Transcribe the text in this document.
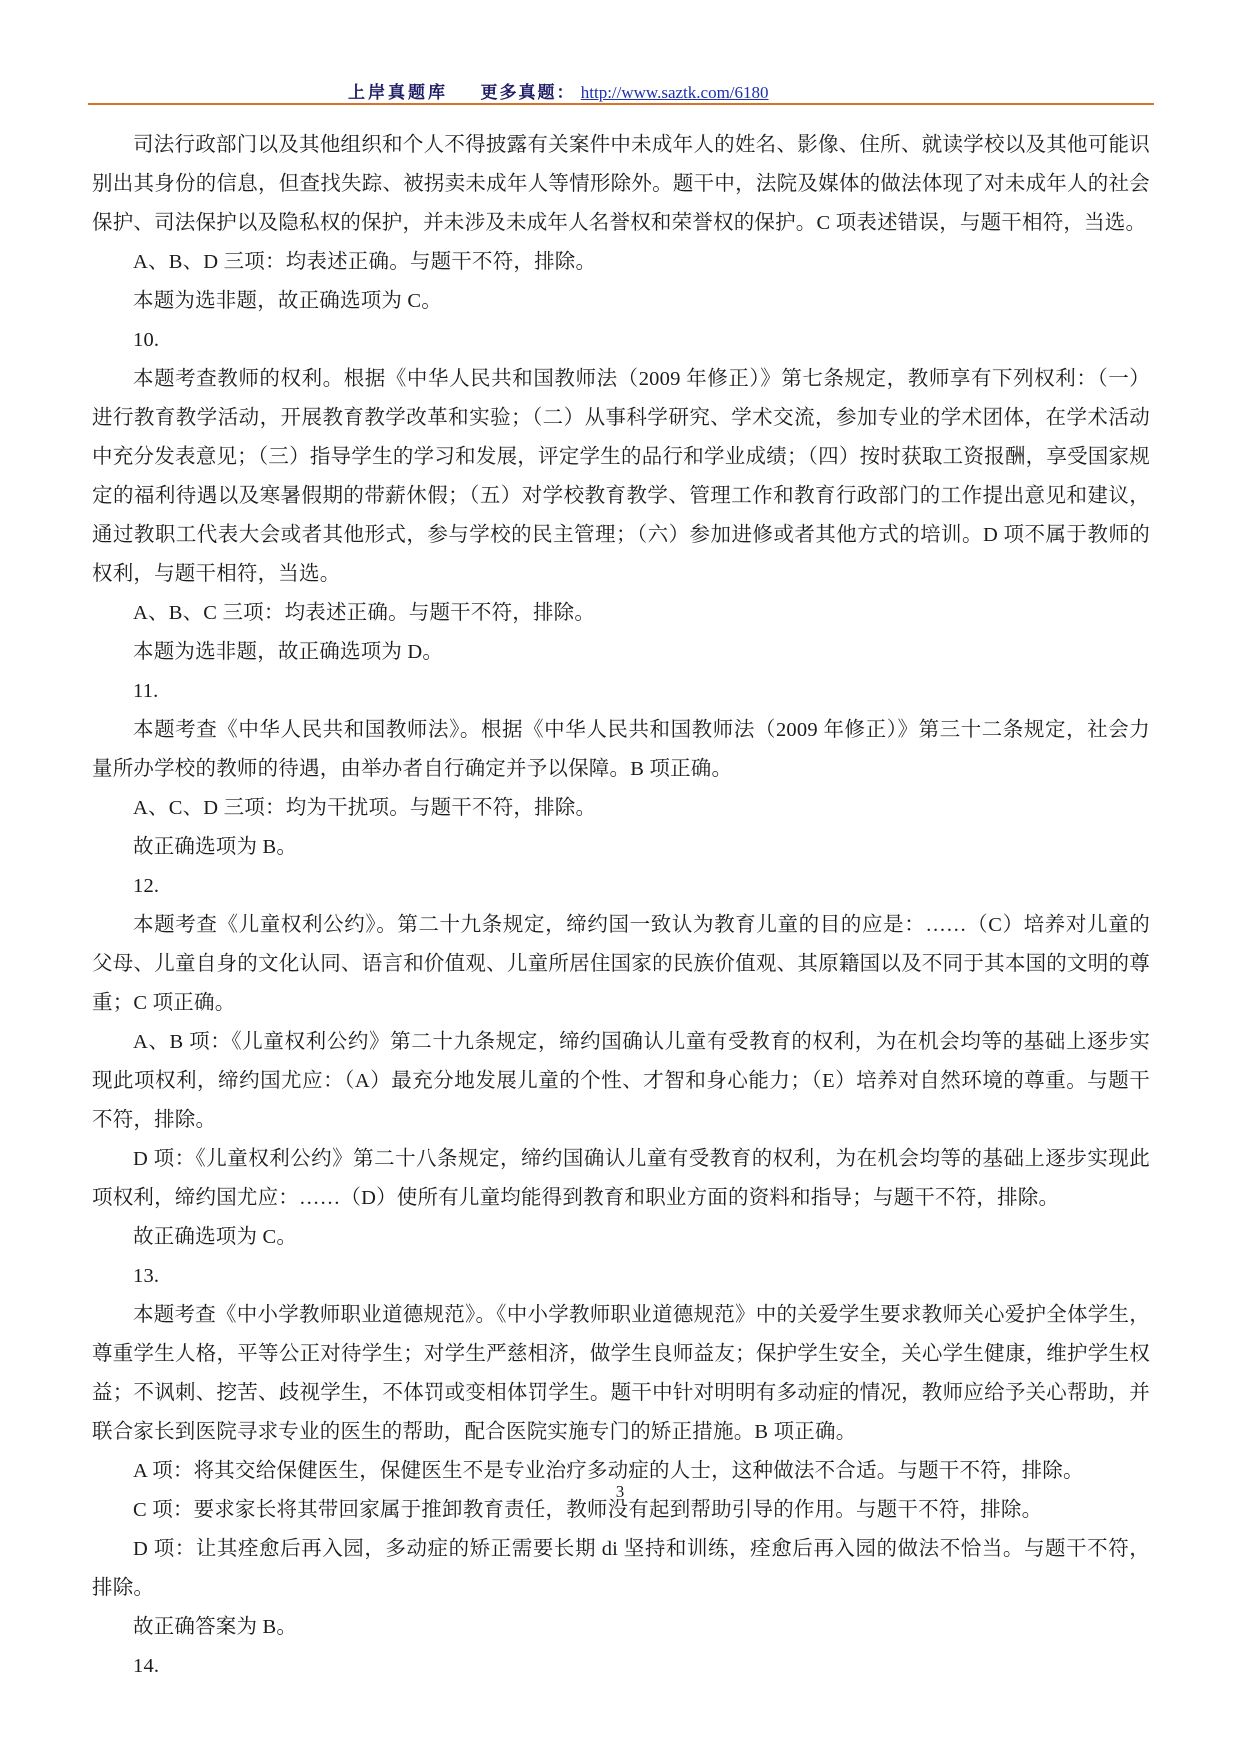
上岸真题库 更多真题： http://www.saztk.com/6180

司法行政部门以及其他组织和个人不得披露有关案件中未成年人的姓名、影像、住所、就读学校以及其他可能识别出其身份的信息，但查找失踪、被拐卖未成年人等情形除外。题干中，法院及媒体的做法体现了对未成年人的社会保护、司法保护以及隐私权的保护，并未涉及未成年人名誉权和荣誉权的保护。C 项表述错误，与题干相符，当选。

A、B、D 三项：均表述正确。与题干不符，排除。

本题为选非题，故正确选项为 C。

10.

本题考查教师的权利。根据《中华人民共和国教师法（2009 年修正）》第七条规定，教师享有下列权利：（一）进行教育教学活动，开展教育教学改革和实验；（二）从事科学研究、学术交流，参加专业的学术团体，在学术活动中充分发表意见；（三）指导学生的学习和发展，评定学生的品行和学业成绩；（四）按时获取工资报酬，享受国家规定的福利待遇以及寒暑假期的带薪休假；（五）对学校教育教学、管理工作和教育行政部门的工作提出意见和建议，通过教职工代表大会或者其他形式，参与学校的民主管理；（六）参加进修或者其他方式的培训。D 项不属于教师的权利，与题干相符，当选。

A、B、C 三项：均表述正确。与题干不符，排除。

本题为选非题，故正确选项为 D。

11.

本题考查《中华人民共和国教师法》。根据《中华人民共和国教师法（2009 年修正）》第三十二条规定，社会力量所办学校的教师的待遇，由举办者自行确定并予以保障。B 项正确。

A、C、D 三项：均为干扰项。与题干不符，排除。

故正确选项为 B。

12.

本题考查《儿童权利公约》。第二十九条规定，缔约国一致认为教育儿童的目的应是：……（C）培养对儿童的父母、儿童自身的文化认同、语言和价值观、儿童所居住国家的民族价值观、其原籍国以及不同于其本国的文明的尊重；C 项正确。

A、B 项：《儿童权利公约》第二十九条规定，缔约国确认儿童有受教育的权利，为在机会均等的基础上逐步实现此项权利，缔约国尤应：（A）最充分地发展儿童的个性、才智和身心能力；（E）培养对自然环境的尊重。与题干不符，排除。

D 项：《儿童权利公约》第二十八条规定，缔约国确认儿童有受教育的权利，为在机会均等的基础上逐步实现此项权利，缔约国尤应：……（D）使所有儿童均能得到教育和职业方面的资料和指导；与题干不符，排除。

故正确选项为 C。

13.

本题考查《中小学教师职业道德规范》。《中小学教师职业道德规范》中的关爱学生要求教师关心爱护全体学生，尊重学生人格，平等公正对待学生；对学生严慈相济，做学生良师益友；保护学生安全，关心学生健康，维护学生权益；不讽刺、挖苦、歧视学生，不体罚或变相体罚学生。题干中针对明明有多动症的情况，教师应给予关心帮助，并联合家长到医院寻求专业的医生的帮助，配合医院实施专门的矫正措施。B 项正确。

A 项：将其交给保健医生，保健医生不是专业治疗多动症的人士，这种做法不合适。与题干不符，排除。

C 项：要求家长将其带回家属于推卸教育责任，教师没有起到帮助引导的作用。与题干不符，排除。

D 项：让其痊愈后再入园，多动症的矫正需要长期 di 坚持和训练，痊愈后再入园的做法不恰当。与题干不符，排除。

故正确答案为 B。

14.

3
